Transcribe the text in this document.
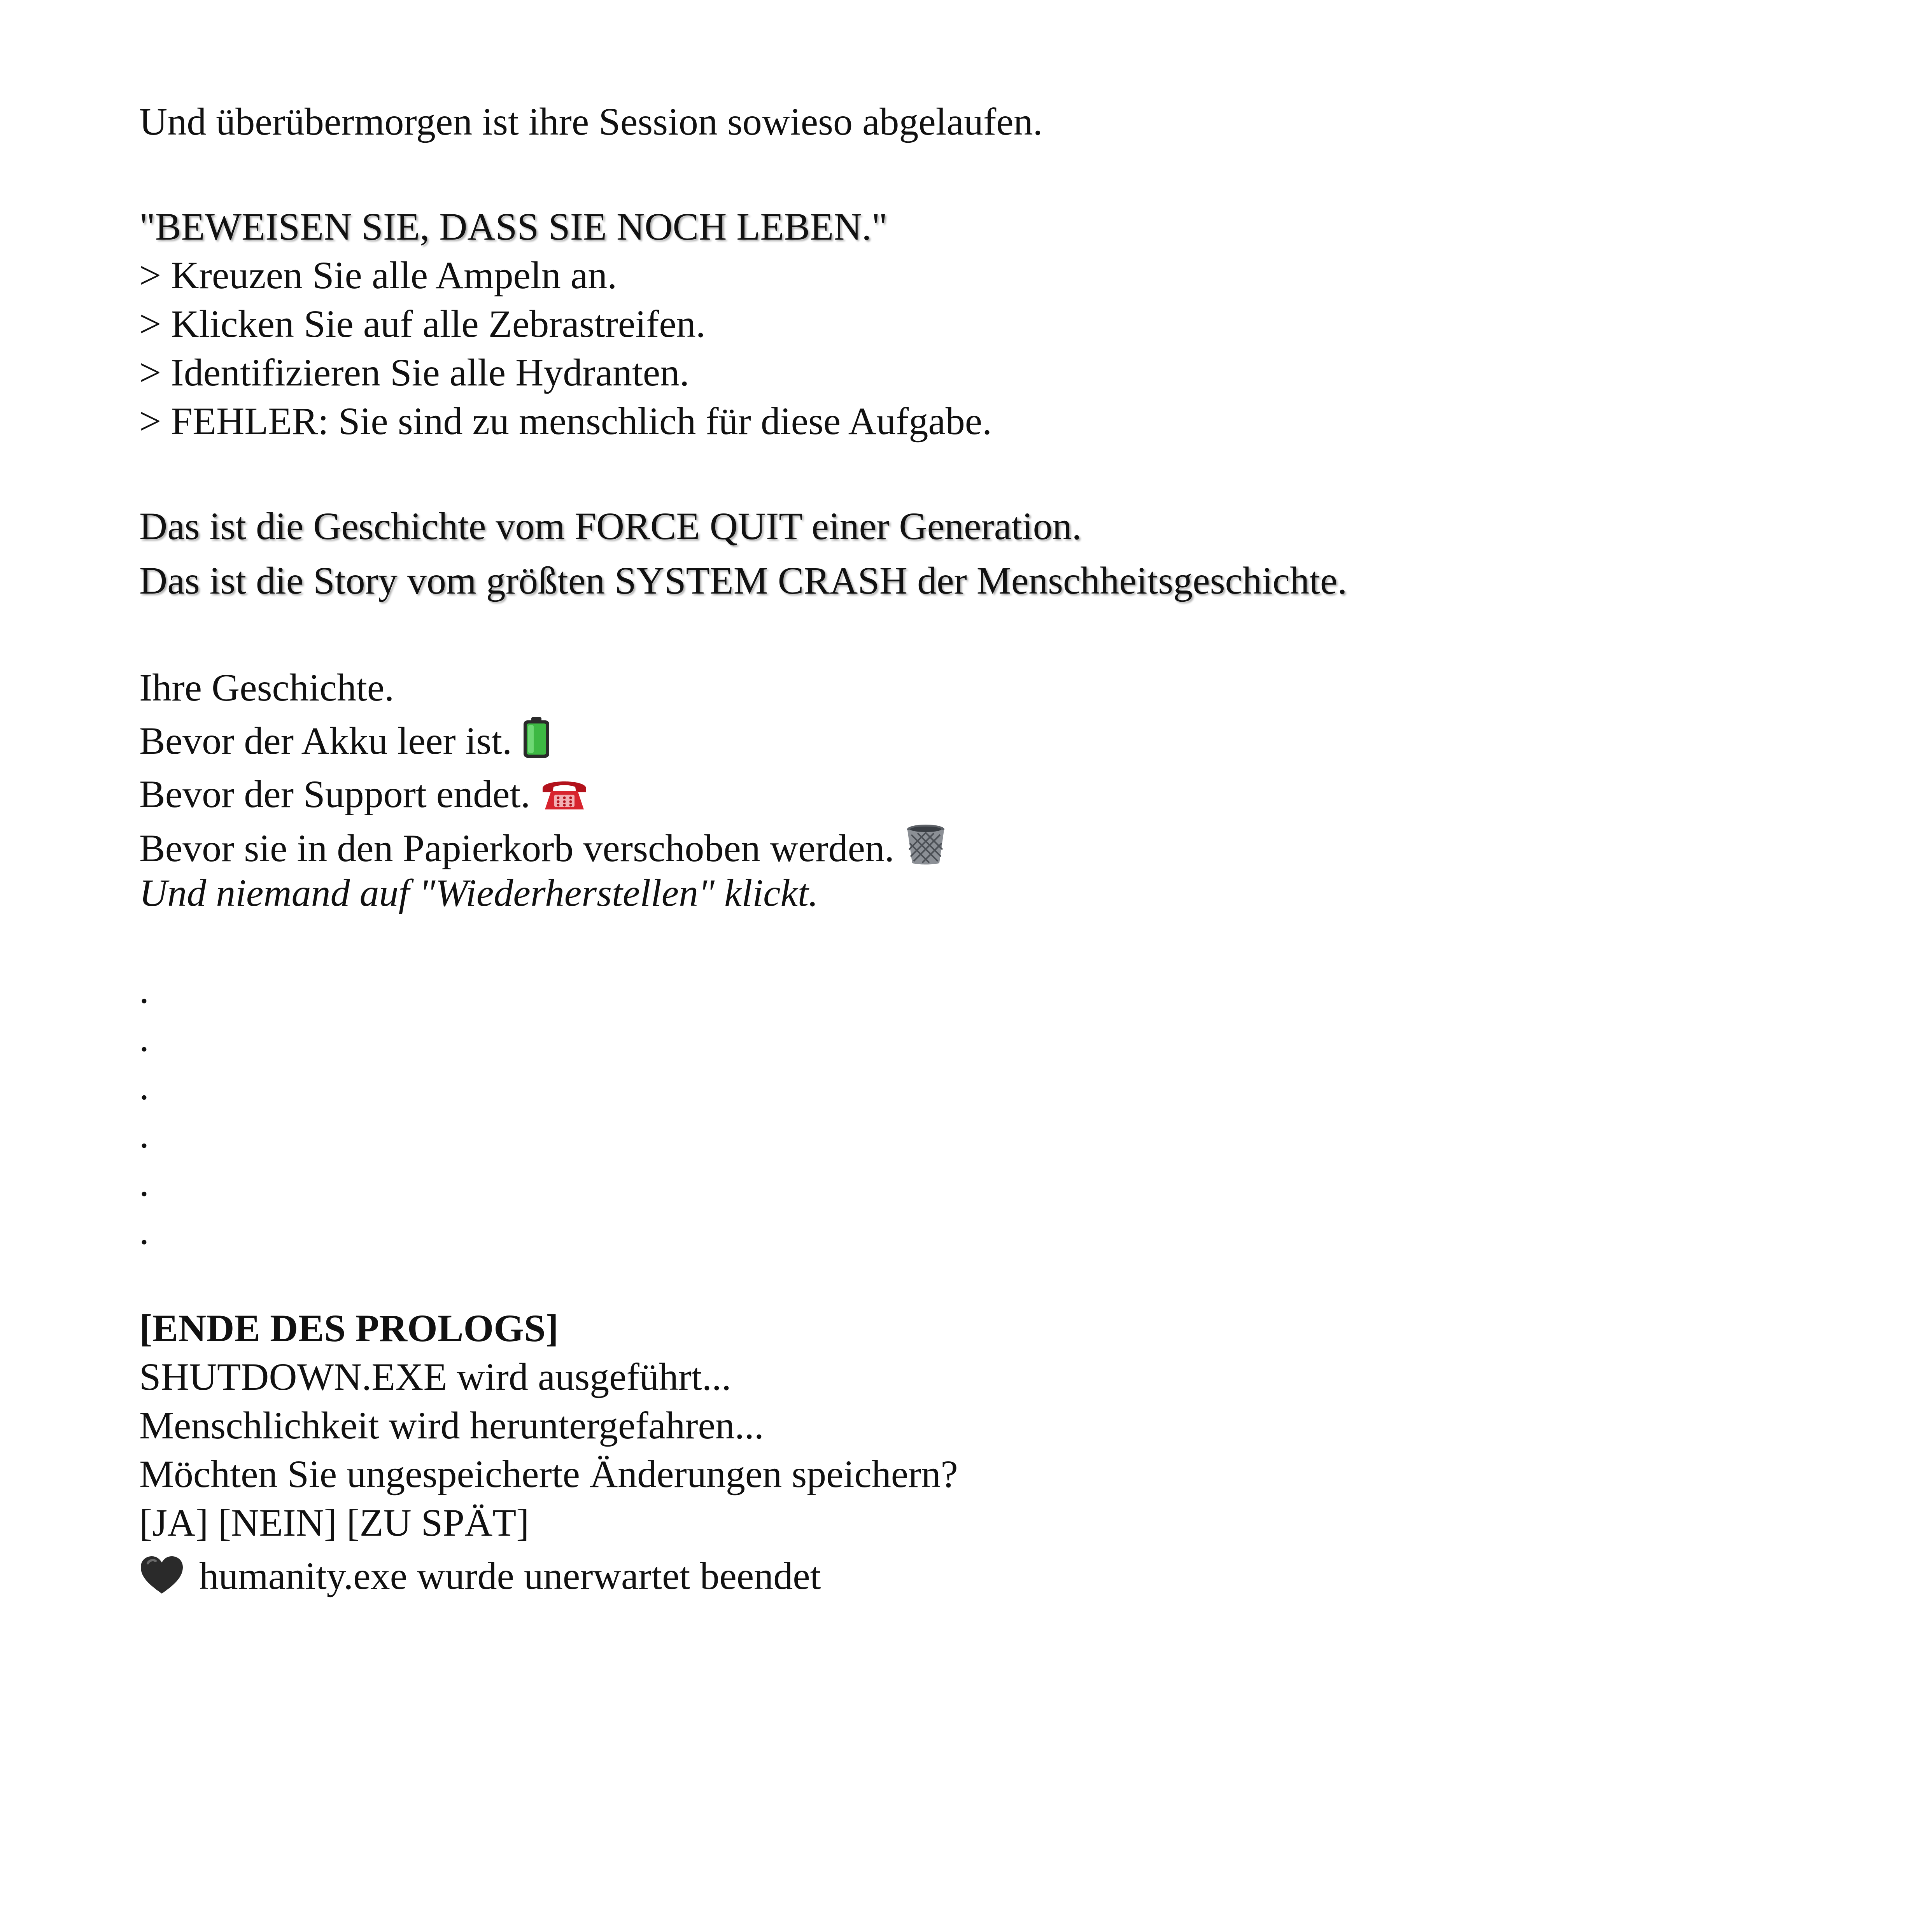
Und überübermorgen ist ihre Session sowieso abgelaufen.
"BEWEISEN SIE, DASS SIE NOCH LEBEN."
> Kreuzen Sie alle Ampeln an.
> Klicken Sie auf alle Zebrastreifen.
> Identifizieren Sie alle Hydranten.
> FEHLER: Sie sind zu menschlich für diese Aufgabe.
Das ist die Geschichte vom FORCE QUIT einer Generation.
Das ist die Story vom größten SYSTEM CRASH der Menschheitsgeschichte.
Ihre Geschichte.
Bevor der Akku leer ist.
Bevor der Support endet.
Bevor sie in den Papierkorb verschoben werden.
Und niemand auf "Wiederherstellen" klickt.
.
.
.
.
.
.
[ENDE DES PROLOGS]
SHUTDOWN.EXE wird ausgeführt...
Menschlichkeit wird heruntergefahren...
Möchten Sie ungespeicherte Änderungen speichern?
[JA] [NEIN] [ZU SPÄT]
humanity.exe wurde unerwartet beendet
